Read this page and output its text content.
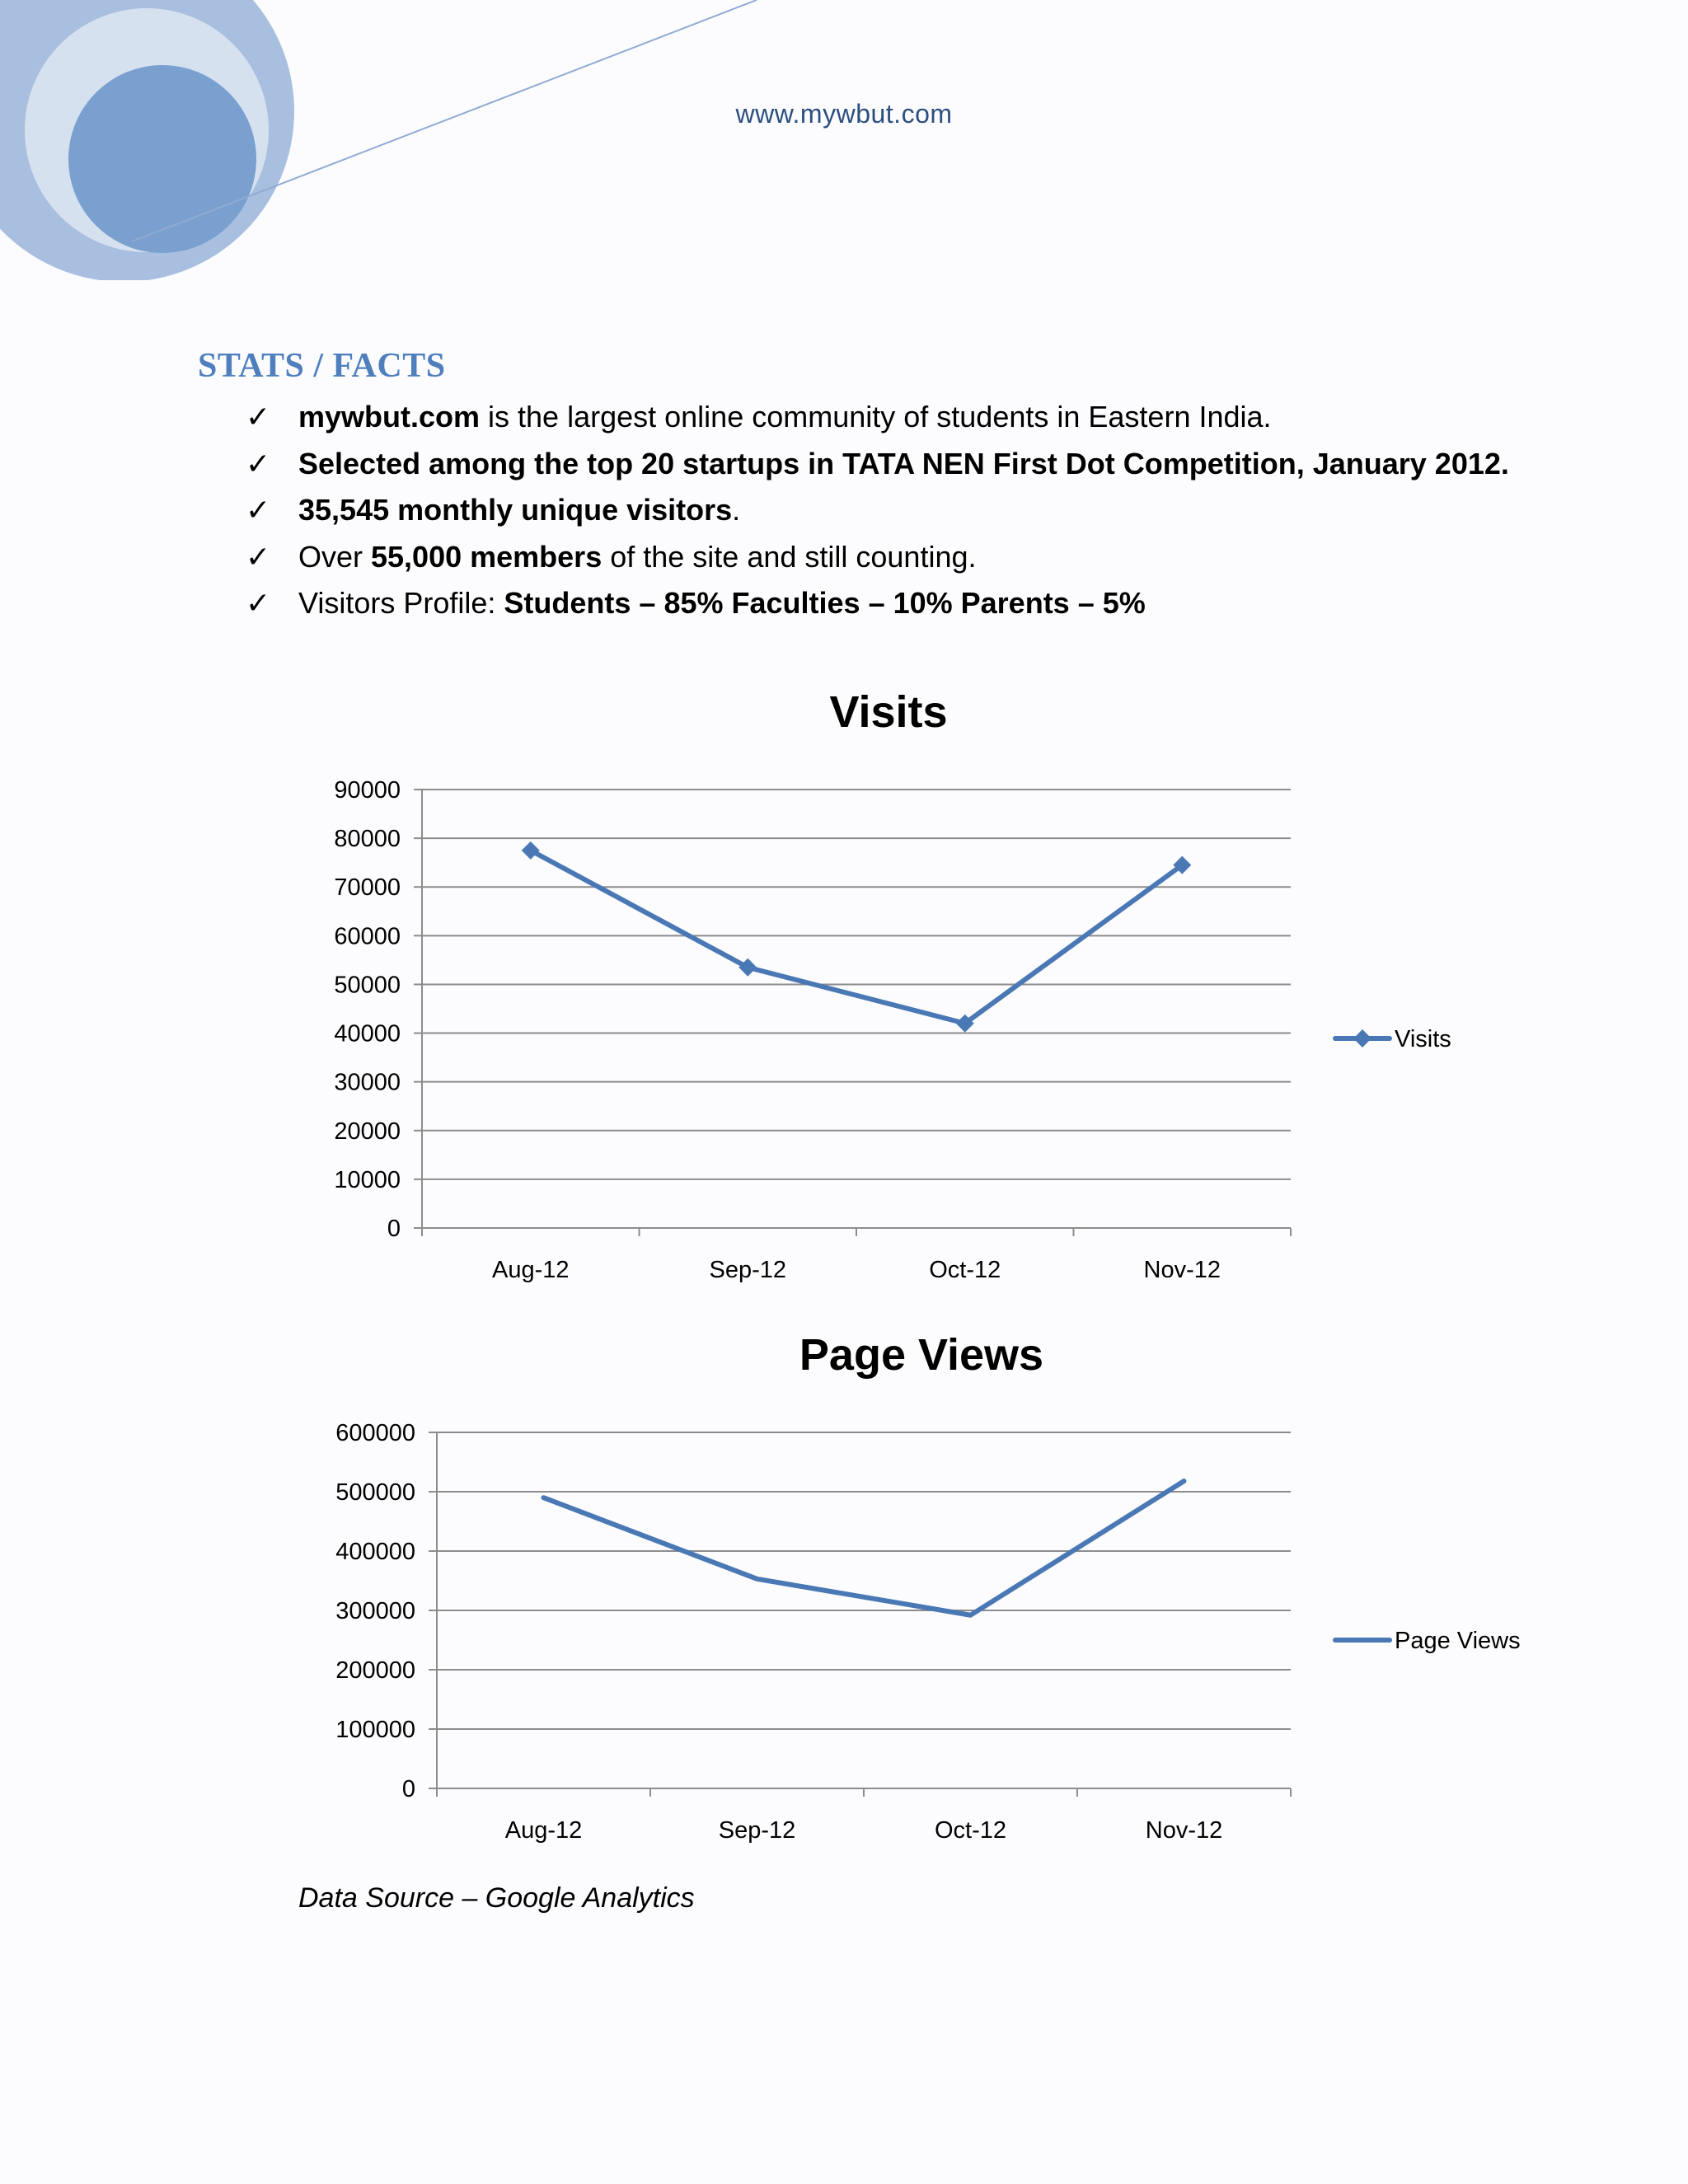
www.mywbut.com
STATS / FACTS
✓ mywbut.com is the largest online community of students in Eastern India.
✓ Selected among the top 20 startups in TATA NEN First Dot Competition, January 2012.
✓ 35,545 monthly unique visitors.
✓ Over 55,000 members of the site and still counting.
✓ Visitors Profile: Students – 85% Faculties – 10% Parents – 5%
Visits
0
10000
20000
30000
40000
50000
60000
70000
80000
90000
Aug-12	Sep-12	Oct-12	Nov-12
Visits
Page Views
0
100000
200000
300000
400000
500000
600000
Aug-12	Sep-12	Oct-12	Nov-12
Page Views
Data Source – Google Analytics
